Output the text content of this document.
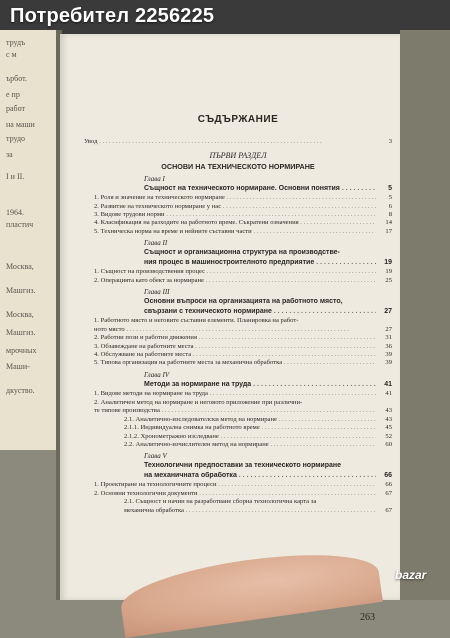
трудъ
с м
ърбот.
е пр
работ
на маши
трудо
за
I и II.
1964.
пластич
Москва,
Машгиз.
Москва,
Машгиз.
мрочных
Маши-
дкуство.
СЪДЪРЖАНИЕ
Увод . . .	3
ПЪРВИ РАЗДЕЛ
ОСНОВИ НА ТЕХНИЧЕСКОТО НОРМИРАНЕ
Глава I
Същност на техническото нормиране. Основни понятия . . .	5
1. Роля и значение на техническото нормиране . . .	5
2. Развитие на техническото нормиране у нас . . .	6
3. Видове трудови норми . . .	8
4. Класификация на разходите на работното време. Съкратени означения . . .	14
5. Техническа норма на време и нейните съставни части . . .	17
Глава II
Същност и организационна структура на производстве-
ния процес в машиностроителното предприятие . . .	19
1. Същност на производствения процес . . .	19
2. Операцията като обект за нормиране . . .	25
Глава III
Основни въпроси на организацията на работното място,
свързани с техническото нормиране . . .	27
1. Работното място и неговите съставни елементи. Планировка на работ-
ното място . . .	27
2. Работни пози и работни движения . . .	31
3. Обзавеждане на работните места . . .	36
4. Обслужване на работните места . . .	39
5. Типова организация на работните места за механична обработка . . .	39
Глава IV
Методи за нормиране на труда . . .	41
1. Видове методи на нормиране на труда . . .	41
2. Аналитичен метод на нормиране и неговото приложение при различни-
те типове производства . . .	43
2.1. Аналитично-изследователски метод на нормиране . . .	43
2.1.1. Индивидуална снимка на работното време . . .	45
2.1.2. Хронометражно изследване . . .	52
2.2. Аналитично-изчислителен метод на нормиране . . .	60
Глава V
Технологични предпоставки за техническото нормиране
на механичната обработка . . .	66
1. Проектиране на технологичните процеси . . .	66
2. Основни технологични документи . . .	67
2.1. Същност и начин на разработване сборна технологична карта за
механична обработка . . .	67
263
Потребител 2256225
bazar
